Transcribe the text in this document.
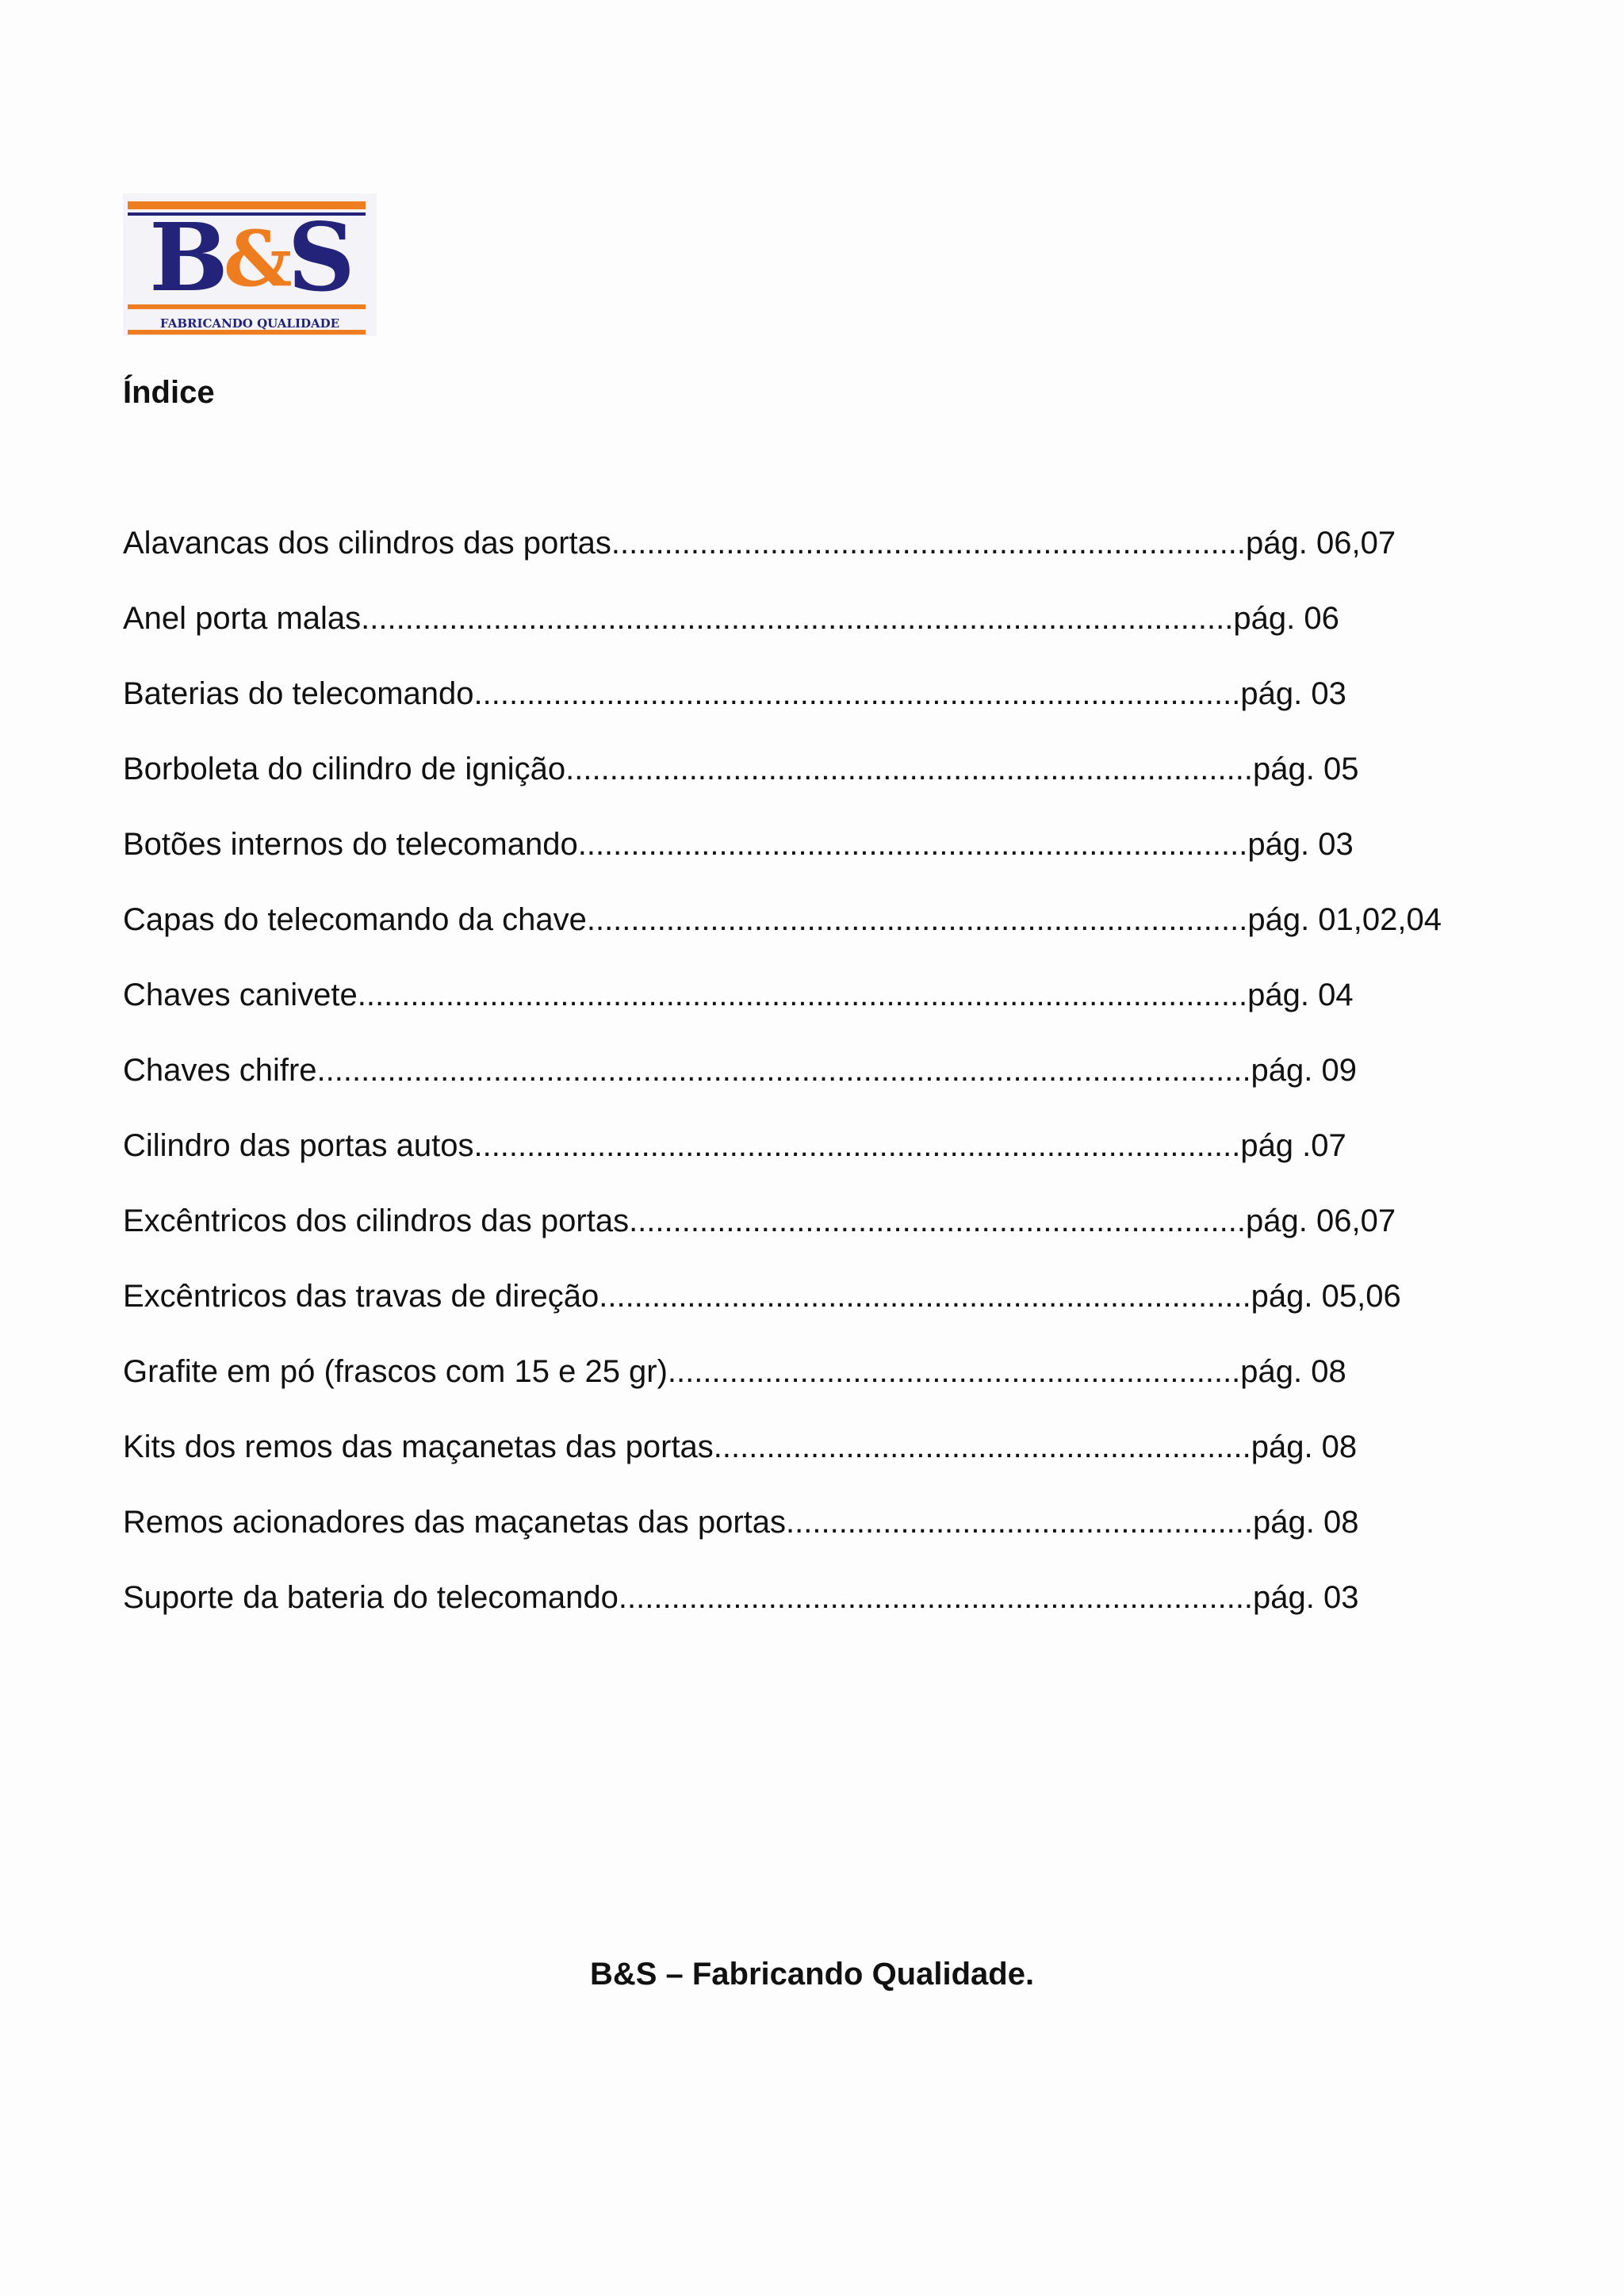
B&S
FABRICANDO QUALIDADE
Índice
Alavancas dos cilindros das portas........................................................................pág. 06,07
Anel porta malas...................................................................................................pág. 06
Baterias do telecomando.......................................................................................pág. 03
Borboleta do cilindro de ignição..............................................................................pág. 05
Botões internos do telecomando............................................................................pág. 03
Capas do telecomando da chave...........................................................................pág. 01,02,04
Chaves canivete.....................................................................................................pág. 04
Chaves chifre..........................................................................................................pág. 09
Cilindro das portas autos.......................................................................................pág .07
Excêntricos dos cilindros das portas......................................................................pág. 06,07
Excêntricos das travas de direção..........................................................................pág. 05,06
Grafite em pó (frascos com 15 e 25 gr).................................................................pág. 08
Kits dos remos das maçanetas das portas.............................................................pág. 08
Remos acionadores das maçanetas das portas.....................................................pág. 08
Suporte da bateria do telecomando........................................................................pág. 03
B&S – Fabricando Qualidade.
